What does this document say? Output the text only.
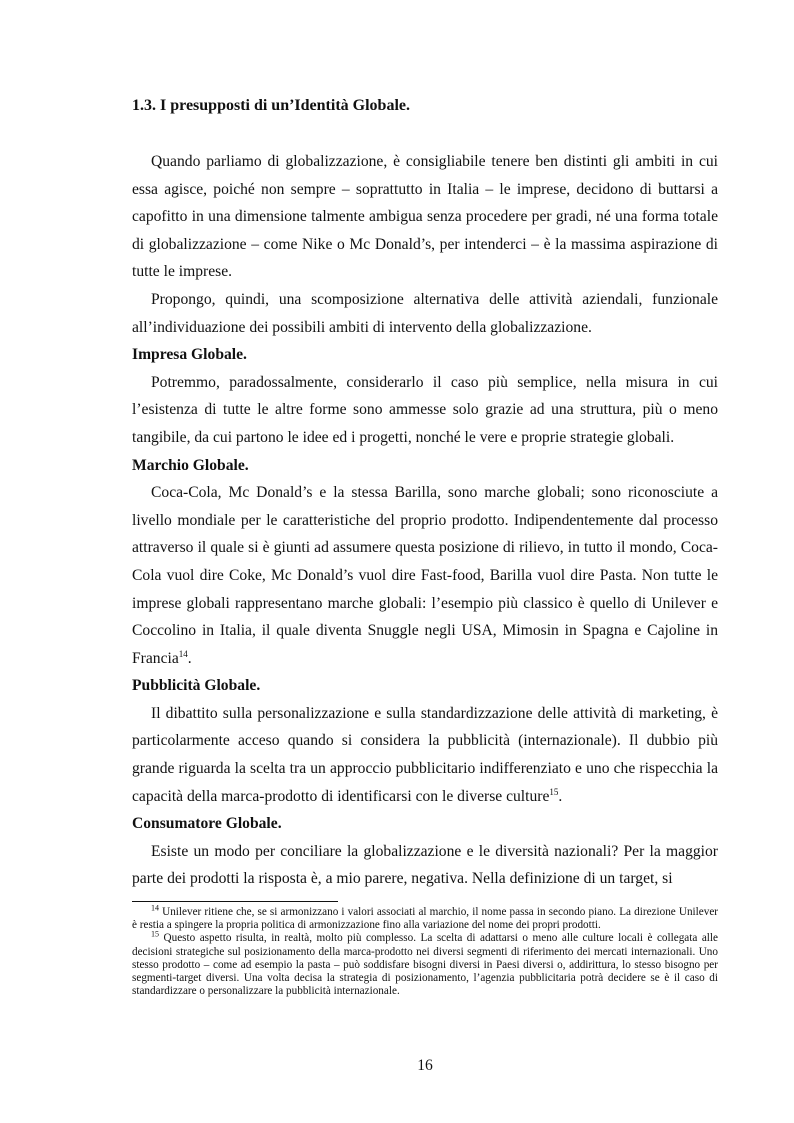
1.3. I presupposti di un’Identità Globale.

Quando parliamo di globalizzazione, è consigliabile tenere ben distinti gli ambiti in cui essa agisce, poiché non sempre – soprattutto in Italia – le imprese, decidono di buttarsi a capofitto in una dimensione talmente ambigua senza procedere per gradi, né una forma totale di globalizzazione – come Nike o Mc Donald’s, per intenderci – è la massima aspirazione di tutte le imprese.

Propongo, quindi, una scomposizione alternativa delle attività aziendali, funzionale all’individuazione dei possibili ambiti di intervento della globalizzazione.

Impresa Globale.

Potremmo, paradossalmente, considerarlo il caso più semplice, nella misura in cui l’esistenza di tutte le altre forme sono ammesse solo grazie ad una struttura, più o meno tangibile, da cui partono le idee ed i progetti, nonché le vere e proprie strategie globali.

Marchio Globale.

Coca-Cola, Mc Donald’s e la stessa Barilla, sono marche globali; sono riconosciute a livello mondiale per le caratteristiche del proprio prodotto. Indipendentemente dal processo attraverso il quale si è giunti ad assumere questa posizione di rilievo, in tutto il mondo, Coca-Cola vuol dire Coke, Mc Donald’s vuol dire Fast-food, Barilla vuol dire Pasta. Non tutte le imprese globali rappresentano marche globali: l’esempio più classico è quello di Unilever e Coccolino in Italia, il quale diventa Snuggle negli USA, Mimosin in Spagna e Cajoline in Francia$^{14}$.

Pubblicità Globale.

Il dibattito sulla personalizzazione e sulla standardizzazione delle attività di marketing, è particolarmente acceso quando si considera la pubblicità (internazionale). Il dubbio più grande riguarda la scelta tra un approccio pubblicitario indifferenziato e uno che rispecchia la capacità della marca-prodotto di identificarsi con le diverse culture$^{15}$.

Consumatore Globale.

Esiste un modo per conciliare la globalizzazione e le diversità nazionali? Per la maggior parte dei prodotti la risposta è, a mio parere, negativa. Nella definizione di un target, si

$^{14}$ Unilever ritiene che, se si armonizzano i valori associati al marchio, il nome passa in secondo piano. La direzione Unilever è restia a spingere la propria politica di armonizzazione fino alla variazione del nome dei propri prodotti.

$^{15}$ Questo aspetto risulta, in realtà, molto più complesso. La scelta di adattarsi o meno alle culture locali è collegata alle decisioni strategiche sul posizionamento della marca-prodotto nei diversi segmenti di riferimento dei mercati internazionali. Uno stesso prodotto – come ad esempio la pasta – può soddisfare bisogni diversi in Paesi diversi o, addirittura, lo stesso bisogno per segmenti-target diversi. Una volta decisa la strategia di posizionamento, l’agenzia pubblicitaria potrà decidere se è il caso di standardizzare o personalizzare la pubblicità internazionale.

16
